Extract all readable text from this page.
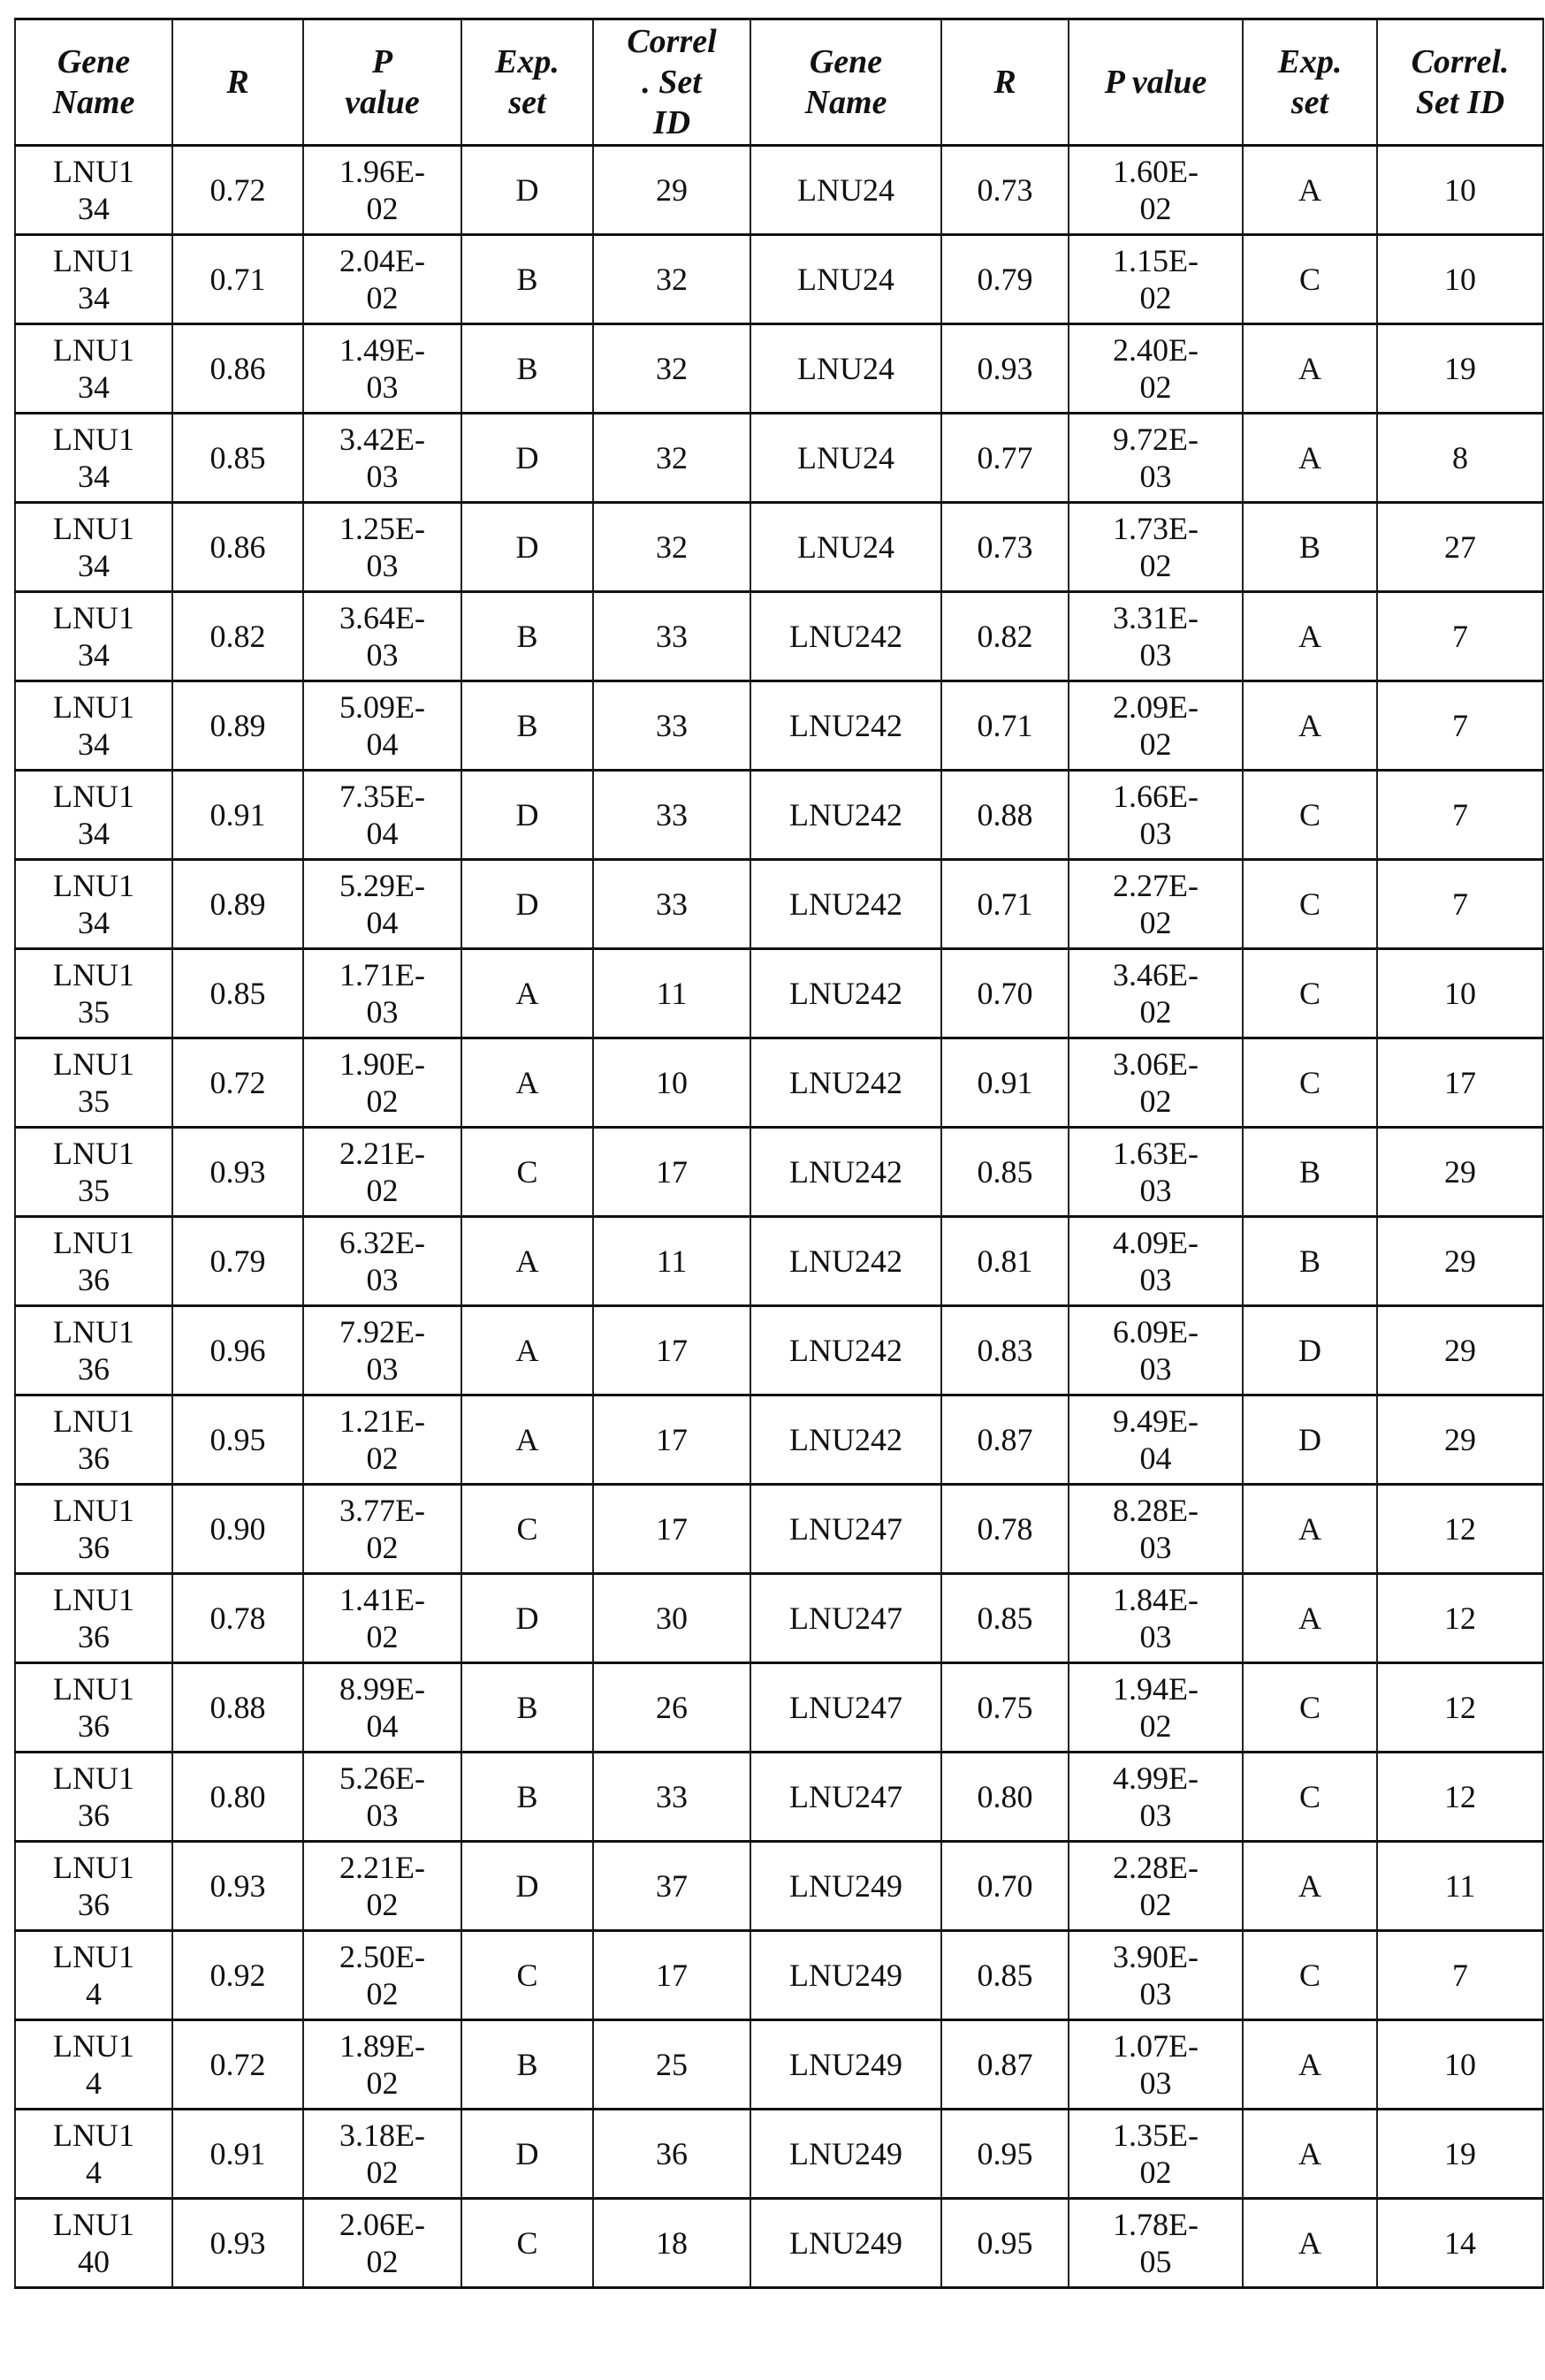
Gene
Name	R	P
value	Exp.
set	Correl
. Set
ID	Gene
Name	R	P value	Exp.
set	Correl.
Set ID
LNU1
34	0.72	1.96E-
02	D	29	LNU24	0.73	1.60E-
02	A	10
LNU1
34	0.71	2.04E-
02	B	32	LNU24	0.79	1.15E-
02	C	10
LNU1
34	0.86	1.49E-
03	B	32	LNU24	0.93	2.40E-
02	A	19
LNU1
34	0.85	3.42E-
03	D	32	LNU24	0.77	9.72E-
03	A	8
LNU1
34	0.86	1.25E-
03	D	32	LNU24	0.73	1.73E-
02	B	27
LNU1
34	0.82	3.64E-
03	B	33	LNU242	0.82	3.31E-
03	A	7
LNU1
34	0.89	5.09E-
04	B	33	LNU242	0.71	2.09E-
02	A	7
LNU1
34	0.91	7.35E-
04	D	33	LNU242	0.88	1.66E-
03	C	7
LNU1
34	0.89	5.29E-
04	D	33	LNU242	0.71	2.27E-
02	C	7
LNU1
35	0.85	1.71E-
03	A	11	LNU242	0.70	3.46E-
02	C	10
LNU1
35	0.72	1.90E-
02	A	10	LNU242	0.91	3.06E-
02	C	17
LNU1
35	0.93	2.21E-
02	C	17	LNU242	0.85	1.63E-
03	B	29
LNU1
36	0.79	6.32E-
03	A	11	LNU242	0.81	4.09E-
03	B	29
LNU1
36	0.96	7.92E-
03	A	17	LNU242	0.83	6.09E-
03	D	29
LNU1
36	0.95	1.21E-
02	A	17	LNU242	0.87	9.49E-
04	D	29
LNU1
36	0.90	3.77E-
02	C	17	LNU247	0.78	8.28E-
03	A	12
LNU1
36	0.78	1.41E-
02	D	30	LNU247	0.85	1.84E-
03	A	12
LNU1
36	0.88	8.99E-
04	B	26	LNU247	0.75	1.94E-
02	C	12
LNU1
36	0.80	5.26E-
03	B	33	LNU247	0.80	4.99E-
03	C	12
LNU1
36	0.93	2.21E-
02	D	37	LNU249	0.70	2.28E-
02	A	11
LNU1
4	0.92	2.50E-
02	C	17	LNU249	0.85	3.90E-
03	C	7
LNU1
4	0.72	1.89E-
02	B	25	LNU249	0.87	1.07E-
03	A	10
LNU1
4	0.91	3.18E-
02	D	36	LNU249	0.95	1.35E-
02	A	19
LNU1
40	0.93	2.06E-
02	C	18	LNU249	0.95	1.78E-
05	A	14
